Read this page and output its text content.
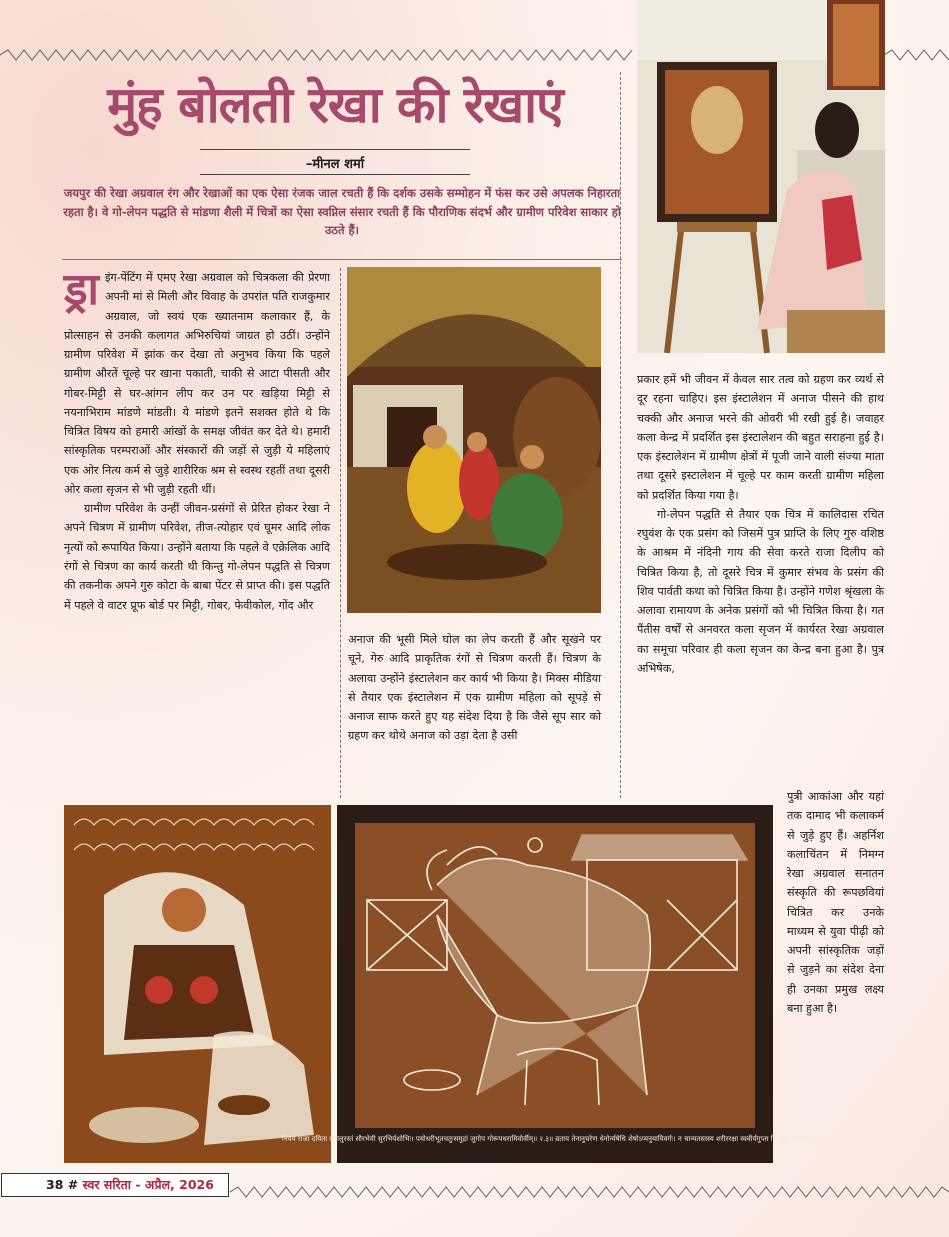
मुंह बोलती रेखा की रेखाएं
–मीनल शर्मा
जयपुर की रेखा अग्रवाल रंग और रेखाओं का एक ऐसा रंजक जाल रचती हैं कि दर्शक उसके सम्मोहन में फंस कर उसे अपलक निहारता रहता है। वे गो-लेपन पद्धति से मांडणा शैली में चित्रों का ऐसा स्वप्निल संसार रचती हैं कि पौराणिक संदर्भ और ग्रामीण परिवेश साकार हो उठते हैं।
ड्रा इंग-पेंटिंग में एमए रेखा अग्रवाल को चित्रकला की प्रेरणा अपनी मां से मिली और विवाह के उपरांत पति राजकुमार अग्रवाल, जो स्वयं एक ख्यातनाम कलाकार हैं, के प्रोत्साहन से उनकी कलागत अभिरुचियां जाग्रत हो उठीं। उन्होंने ग्रामीण परिवेश में झांक कर देखा तो अनुभव किया कि पहले ग्रामीण औरतें चूल्हे पर खाना पकाती, चाकी से आटा पीसती और गोबर-मिट्टी से घर-आंगन लीप कर उन पर खड़िया मिट्टी से नयनाभिराम मांडणे मांडती। ये मांडणे इतने सशक्त होते थे कि चित्रित विषय को हमारी आंखों के समक्ष जीवंत कर देते थे। हमारी सांस्कृतिक परम्पराओं और संस्कारों की जड़ों से जुड़ी ये महिलाएं एक ओर नित्य कर्म से जुड़े शारीरिक श्रम से स्वस्थ रहतीं तथा दूसरी ओर कला सृजन से भी जुड़ी रहती थीं।

ग्रामीण परिवेश के उन्हीं जीवन-प्रसंगों से प्रेरित होकर रेखा ने अपने चित्रण में ग्रामीण परिवेश, तीज-त्योहार एवं घूमर आदि लोक नृत्यों को रूपायित किया। उन्होंने बताया कि पहले वे एक्रेलिक आदि रंगों से चित्रण का कार्य करती थी किन्तु गो-लेपन पद्धति से चित्रण की तकनीक अपने गुरु कोटा के बाबा पेंटर से प्राप्त की। इस पद्धति में पहले वे वाटर प्रूफ बोर्ड पर मिट्टी, गोबर, फेवीकोल, गोंद और

अनाज की भूसी मिले घोल का लेप करती हैं और सूखने पर चूने, गेरु आदि प्राकृतिक रंगों से चित्रण करती हैं। चित्रण के अलावा उन्होंने इंस्टालेशन कर कार्य भी किया है। मिक्स मीडिया से तैयार एक इंस्टालेशन में एक ग्रामीण महिला को सूपड़े से अनाज साफ करते हुए यह संदेश दिया है कि जैसे सूप सार को ग्रहण कर थोथे अनाज को उड़ा देता है उसी

प्रकार हमें भी जीवन में केवल सार तत्व को ग्रहण कर व्यर्थ से दूर रहना चाहिए। इस इंस्टालेशन में अनाज पीसने की हाथ चक्की और अनाज भरने की ओवरी भी रखी हुई है। जवाहर कला केन्द्र में प्रदर्शित इस इंस्टालेशन की बहुत सराहना हुई है। एक इंस्टालेशन में ग्रामीण क्षेत्रों में पूजी जाने वाली संज्या माता तथा दूसरे इस्टालेशन में चूल्हे पर काम करती ग्रामीण महिला को प्रदर्शित किया गया है।

गो-लेपन पद्धति से तैयार एक चित्र में कालिदास रचित रघुवंश के एक प्रसंग को जिसमें पुत्र प्राप्ति के लिए गुरु वशिष्ठ के आश्रम में नंदिनी गाय की सेवा करते राजा दिलीप को चित्रित किया है, तो दूसरे चित्र में कुमार संभव के प्रसंग की शिव पार्वती कथा को चित्रित किया है। उन्होंने गणेश श्रृंखला के अलावा रामायण के अनेक प्रसंगों को भी चित्रित किया है। गत पैंतीस वर्षों से अनवरत कला सृजन में कार्यरत रेखा अग्रवाल का समूचा परिवार ही कला सृजन का केन्द्र बना हुआ है। पुत्र अभिषेक,

पुत्री आकांआ और यहां तक दामाद भी कलाकर्म से जुड़े हुए हैं। अहर्निश कलाचिंतन में निमग्न रेखा अग्रवाल सनातन संस्कृति की रूपछवियां चित्रित कर उनके माध्यम से युवा पीढ़ी को अपनी सांस्कृतिक जड़ों से जुड़ने का संदेश देना ही उनका प्रमुख लक्ष्य बना हुआ है।

निवर्य राजा दयिता दयालुरस्तं सौरभेयी सुरभिर्यशोभिः। पयोधरीभूतचतुःसमुद्रां जुगोप गोरूपधरामिवोर्वीम्॥ २.३॥ व्रताय तेनानुचरेण धेनोर्न्यषेधि शेषोऽप्यनुयायिवर्गः। न चान्यतस्तस्य शरीररक्षा स्ववीर्यगुप्ता हि मनोः प्रसूतिः॥ २.४॥
38 # स्वर सरिता - अप्रैल, 2026
